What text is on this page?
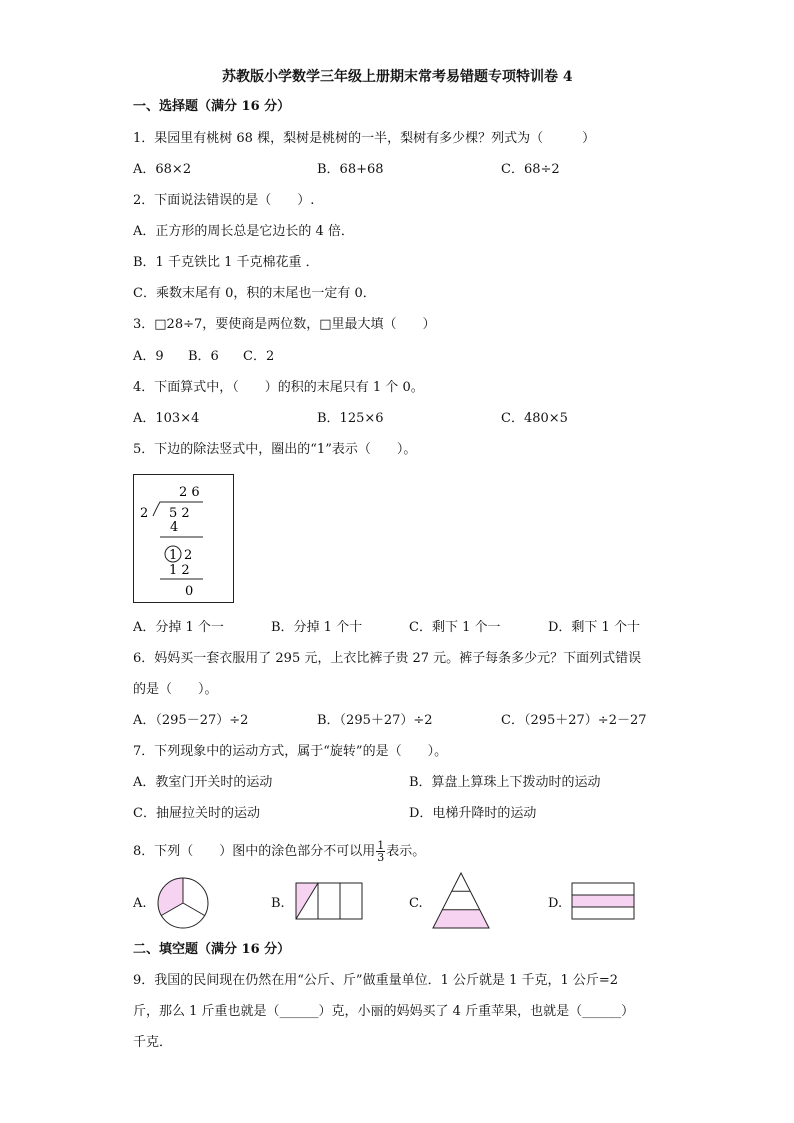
苏教版小学数学三年级上册期末常考易错题专项特训卷 4
一、选择题（满分 16 分）
1．果园里有桃树 68 棵，梨树是桃树的一半，梨树有多少棵？列式为（　　　）
A．68×2	B．68+68	C．68÷2
2．下面说法错误的是（　　）.
A．正方形的周长总是它边长的 4 倍．
B．1 千克铁比 1 千克棉花重 ．
C．乘数末尾有 0，积的末尾也一定有 0．
3．□28÷7，要使商是两位数，□里最大填（　　）
A．9 B．6 C．2
4．下面算式中，（　　）的积的末尾只有 1 个 0。
A．103×4	B．125×6	C．480×5
5．下边的除法竖式中，圈出的“1”表示（　　）。
2 6
2 5 2
4
1 2
1 2
0
A．分掉 1 个一	B．分掉 1 个十	C．剩下 1 个一	D．剩下 1 个十
6．妈妈买一套衣服用了 295 元，上衣比裤子贵 27 元。裤子每条多少元？下面列式错误
的是（　　）。
A．（295－27）÷2	B．（295＋27）÷2	C．（295＋27）÷2－27
7．下列现象中的运动方式，属于“旋转”的是（　　）。
A．教室门开关时的运动	B．算盘上算珠上下拨动时的运动
C．抽屉拉关时的运动	D．电梯升降时的运动
8．下列（　　）图中的涂色部分不可以用 $\frac{1}{3}$ 表示。
A.	B.	C.	D.
二、填空题（满分 16 分）
9．我国的民间现在仍然在用“公斤、斤”做重量单位．1 公斤就是 1 千克，1 公斤=2
斤，那么 1 斤重也就是（______）克，小丽的妈妈买了 4 斤重苹果，也就是（______）
千克．
